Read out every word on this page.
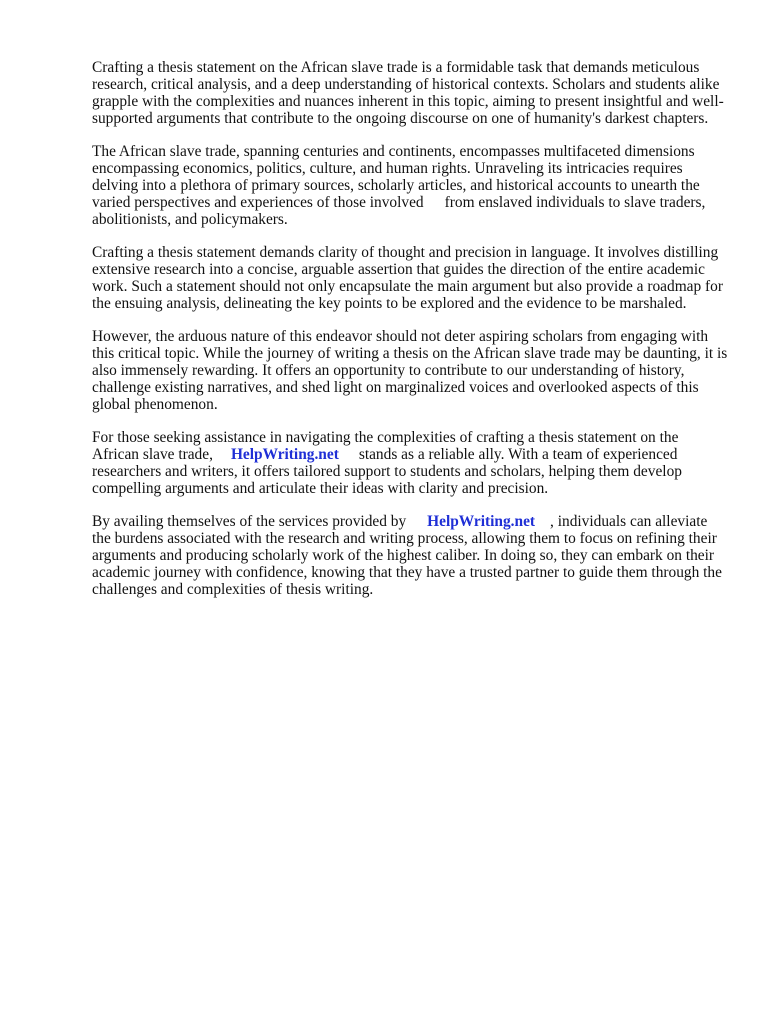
Crafting a thesis statement on the African slave trade is a formidable task that demands meticulous research, critical analysis, and a deep understanding of historical contexts. Scholars and students alike grapple with the complexities and nuances inherent in this topic, aiming to present insightful and well-supported arguments that contribute to the ongoing discourse on one of humanity's darkest chapters.

The African slave trade, spanning centuries and continents, encompasses multifaceted dimensions encompassing economics, politics, culture, and human rights. Unraveling its intricacies requires delving into a plethora of primary sources, scholarly articles, and historical accounts to unearth the varied perspectives and experiences of those involved from enslaved individuals to slave traders, abolitionists, and policymakers.

Crafting a thesis statement demands clarity of thought and precision in language. It involves distilling extensive research into a concise, arguable assertion that guides the direction of the entire academic work. Such a statement should not only encapsulate the main argument but also provide a roadmap for the ensuing analysis, delineating the key points to be explored and the evidence to be marshaled.

However, the arduous nature of this endeavor should not deter aspiring scholars from engaging with this critical topic. While the journey of writing a thesis on the African slave trade may be daunting, it is also immensely rewarding. It offers an opportunity to contribute to our understanding of history, challenge existing narratives, and shed light on marginalized voices and overlooked aspects of this global phenomenon.

For those seeking assistance in navigating the complexities of crafting a thesis statement on the African slave trade, HelpWriting.net stands as a reliable ally. With a team of experienced researchers and writers, it offers tailored support to students and scholars, helping them develop compelling arguments and articulate their ideas with clarity and precision.

By availing themselves of the services provided by HelpWriting.net , individuals can alleviate the burdens associated with the research and writing process, allowing them to focus on refining their arguments and producing scholarly work of the highest caliber. In doing so, they can embark on their academic journey with confidence, knowing that they have a trusted partner to guide them through the challenges and complexities of thesis writing.
